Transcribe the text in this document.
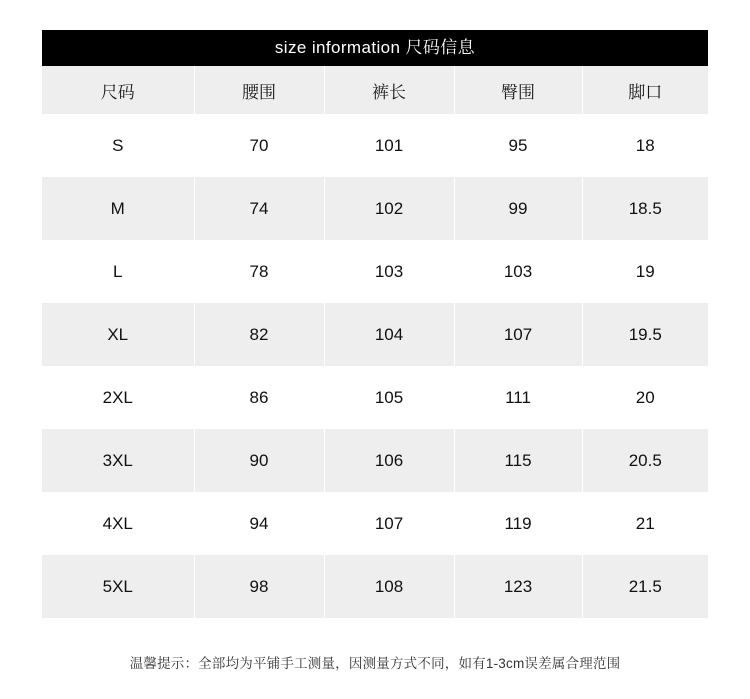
size information 尺码信息
尺码	腰围	裤长	臀围	脚口
S	70	101	95	18
M	74	102	99	18.5
L	78	103	103	19
XL	82	104	107	19.5
2XL	86	105	111	20
3XL	90	106	115	20.5
4XL	94	107	119	21
5XL	98	108	123	21.5
温馨提示：全部均为平铺手工测量，因测量方式不同，如有1-3cm误差属合理范围
